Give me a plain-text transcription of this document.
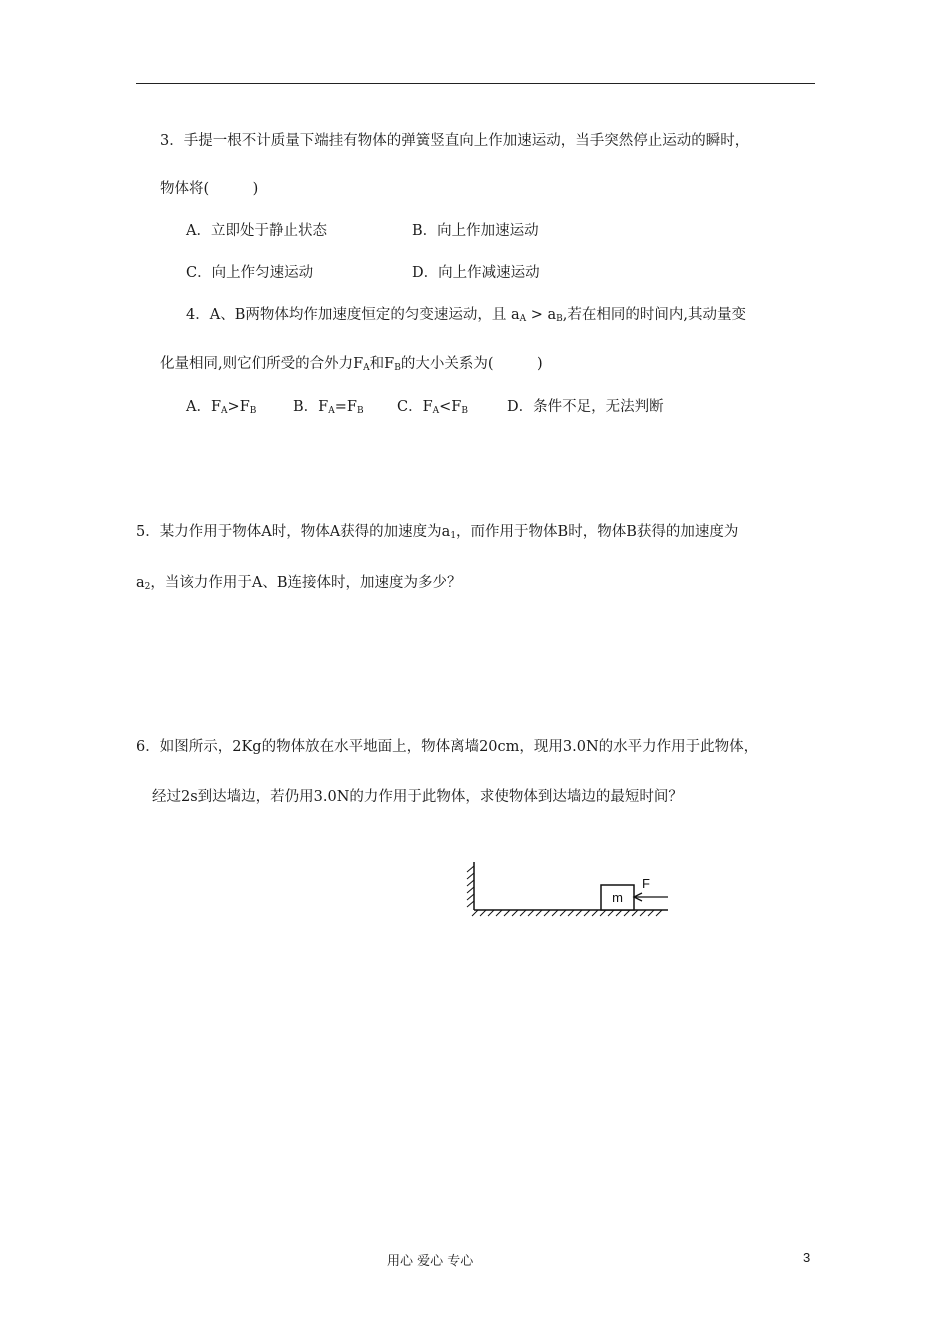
3．手提一根不计质量下端挂有物体的弹簧竖直向上作加速运动，当手突然停止运动的瞬时，
物体将(　　　)
A．立即处于静止状态	B．向上作加速运动
C．向上作匀速运动	D．向上作减速运动
4．A、B两物体均作加速度恒定的匀变速运动，且 $a_A > a_B$,若在相同的时间内,其动量变
化量相同,则它们所受的合外力$F_A$和$F_B$的大小关系为(　　　)
A．$F_A>F_B$	B．$F_A=F_B$ C．$F_A<F_B$	D．条件不足，无法判断
5．某力作用于物体A时，物体A获得的加速度为$a_1$，而作用于物体B时，物体B获得的加速度为
$a_2$，当该力作用于A、B连接体时，加速度为多少？
6．如图所示，2Kg的物体放在水平地面上，物体离墙20cm，现用3.0N的水平力作用于此物体，
经过2s到达墙边，若仍用3.0N的力作用于此物体，求使物体到达墙边的最短时间？
m
F
用心 爱心 专心	3
